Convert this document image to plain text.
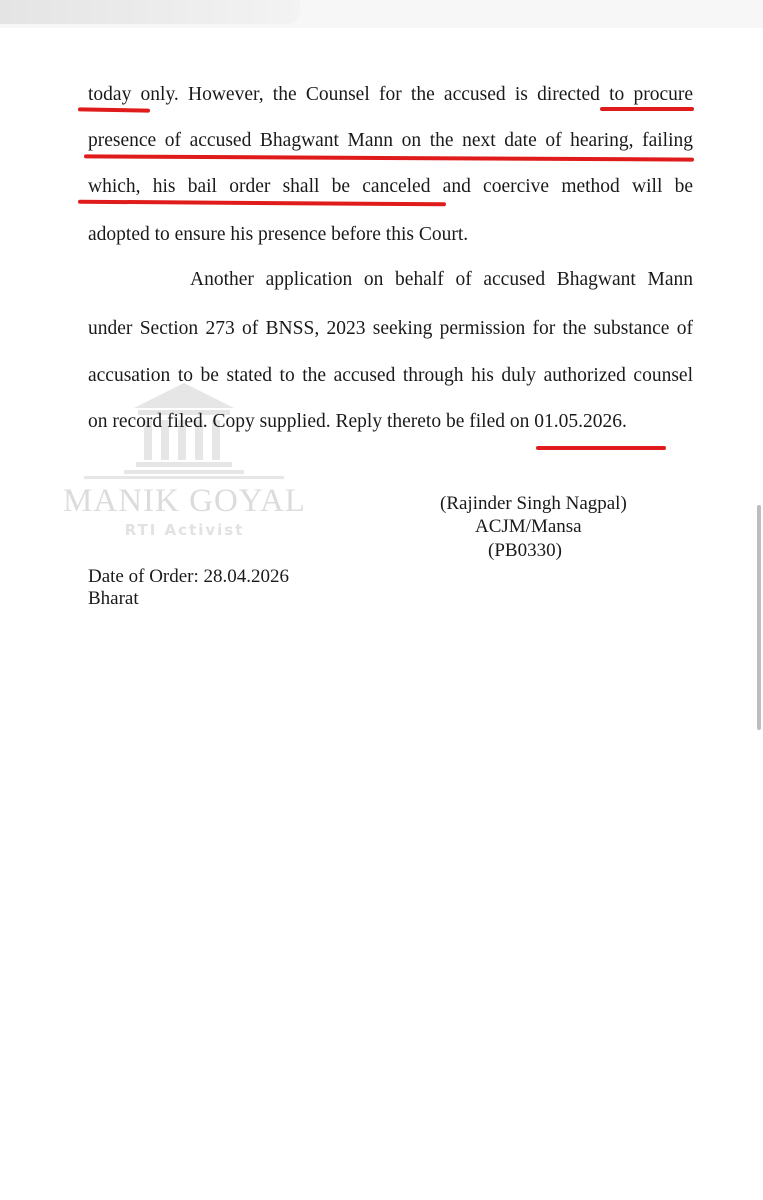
MANIK GOYAL
RTI Activist
today only. However, the Counsel for the accused is directed to procure
presence of accused Bhagwant Mann on the next date of hearing, failing
which, his bail order shall be canceled and coercive method will be
adopted to ensure his presence before this Court.
Another application on behalf of accused Bhagwant Mann
under Section 273 of BNSS, 2023 seeking permission for the substance of
accusation to be stated to the accused through his duly authorized counsel
on record filed. Copy supplied. Reply thereto be filed on 01.05.2026.
(Rajinder Singh Nagpal)
ACJM/Mansa
(PB0330)
Date of Order: 28.04.2026
Bharat
